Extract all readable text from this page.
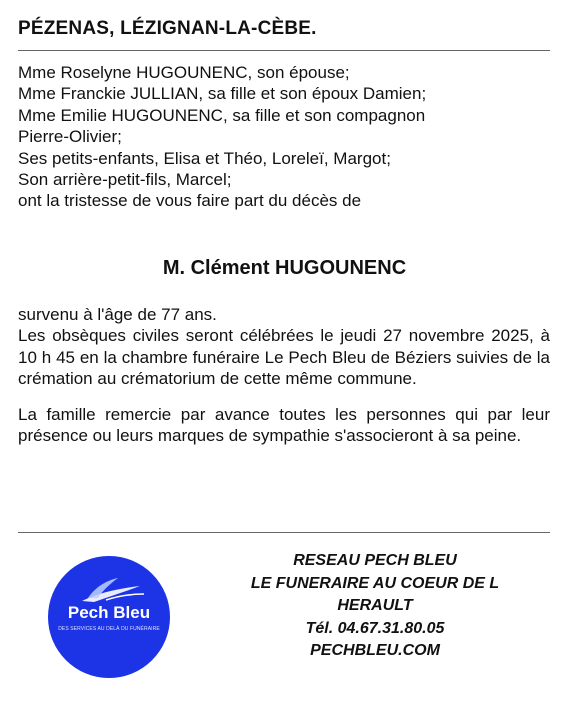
PÉZENAS, LÉZIGNAN-LA-CÈBE.
Mme Roselyne HUGOUNENC, son épouse;
Mme Franckie JULLIAN, sa fille et son époux Damien;
Mme Emilie HUGOUNENC, sa fille et son compagnon
Pierre-Olivier;
Ses petits-enfants, Elisa et Théo, Loreleï, Margot;
Son arrière-petit-fils, Marcel;
ont la tristesse de vous faire part du décès de
M. Clément HUGOUNENC

survenu à l'âge de 77 ans.

Les obsèques civiles seront célébrées le jeudi 27 novembre 2025, à 10 h 45 en la chambre funéraire Le Pech Bleu de Béziers suivies de la crémation au crématorium de cette même commune.

La famille remercie par avance toutes les personnes qui par leur présence ou leurs marques de sympathie s'associeront à sa peine.

Pech Bleu
DES SERVICES AU DELÀ DU FUNÉRAIRE
RESEAU PECH BLEU
LE FUNERAIRE AU COEUR DE L
HERAULT
Tél. 04.67.31.80.05
PECHBLEU.COM
